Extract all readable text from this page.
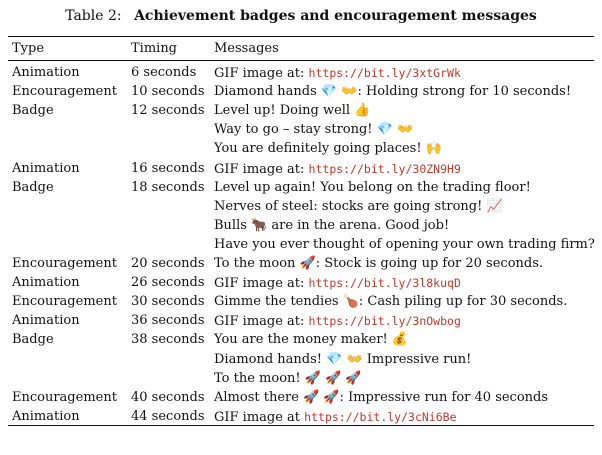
Table 2: Achievement badges and encouragement messages
Type	Timing	Messages
Animation	6 seconds GIF image at: https://bit.ly/3xtGrWk
Encouragement 10 seconds Diamond hands 💎 👐: Holding strong for 10 seconds!
Badge	12 seconds Level up! Doing well 👍
Way to go – stay strong! 💎 👐
You are definitely going places! 🙌
Animation	16 seconds GIF image at: https://bit.ly/30ZN9H9
Badge	18 seconds Level up again! You belong on the trading floor!
Nerves of steel: stocks are going strong! 📈
Bulls 🐂 are in the arena. Good job!
Have you ever thought of opening your own trading firm?
Encouragement 20 seconds To the moon 🚀: Stock is going up for 20 seconds.
Animation	26 seconds GIF image at: https://bit.ly/3l8kuqD
Encouragement 30 seconds Gimme the tendies 🍗: Cash piling up for 30 seconds.
Animation	36 seconds GIF image at: https://bit.ly/3nOwbog
Badge	38 seconds You are the money maker! 💰
Diamond hands! 💎 👐 Impressive run!
To the moon! 🚀 🚀 🚀
Encouragement 40 seconds Almost there 🚀 🚀: Impressive run for 40 seconds
Animation	44 seconds GIF image at https://bit.ly/3cNi6Be
